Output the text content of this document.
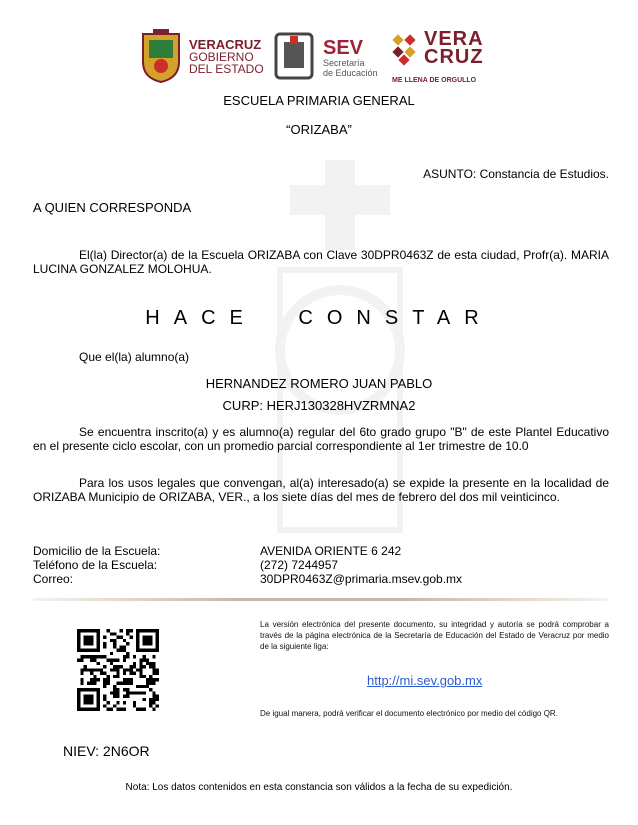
VERACRUZ
GOBIERNO
DEL ESTADO
SEV
Secretaría
de Educación
VERA
CRUZ
ME LLENA DE ORGULLO
ESCUELA PRIMARIA GENERAL
“ORIZABA”
ASUNTO: Constancia de Estudios.
A QUIEN CORRESPONDA
El(la) Director(a) de la Escuela ORIZABA con Clave 30DPR0463Z de esta ciudad, Profr(a). MARIA LUCINA GONZALEZ MOLOHUA.
HACE CONSTAR
Que el(la) alumno(a)
HERNANDEZ ROMERO JUAN PABLO
CURP: HERJ130328HVZRMNA2
Se encuentra inscrito(a) y es alumno(a) regular del 6to grado grupo "B" de este Plantel Educativo en el presente ciclo escolar, con un promedio parcial correspondiente al 1er trimestre de 10.0
Para los usos legales que convengan, al(a) interesado(a) se expide la presente en la localidad de ORIZABA Municipio de ORIZABA, VER., a los siete días del mes de febrero del dos mil veinticinco.
Domicilio de la Escuela:	AVENIDA ORIENTE 6 242
Teléfono de la Escuela:	(272) 7244957
Correo:	30DPR0463Z@primaria.msev.gob.mx
La versión electrónica del presente documento, su integridad y autoría se podrá comprobar a través de la página electrónica de la Secretaría de Educación del Estado de Veracruz por medio de la siguiente liga:
http://mi.sev.gob.mx
De igual manera, podrá verificar el documento electrónico por medio del código QR.
NIEV: 2N6OR
Nota: Los datos contenidos en esta constancia son válidos a la fecha de su expedición.
